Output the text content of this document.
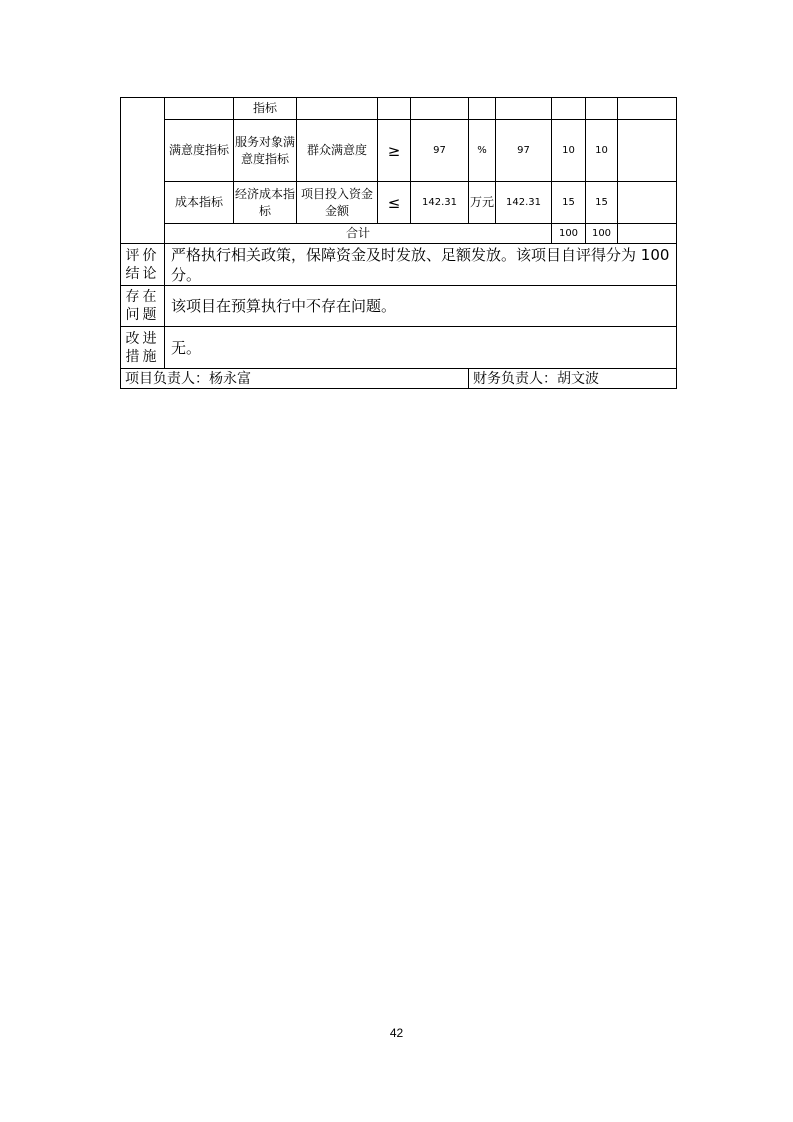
		指标								
	满意度指标	服务对象满意度指标	群众满意度	≥	97	%	97	10	10	
	成本指标	经济成本指标	项目投入资金金额	≤	142.31	万元	142.31	15	15	
	合计							100	100	
评价结论	严格执行相关政策，保障资金及时发放、足额发放。该项目自评得分为 100 分。									
存在问题	该项目在预算执行中不存在问题。									
改进措施	无。									
项目负责人：杨永富						财务负责人：胡文波				
42
